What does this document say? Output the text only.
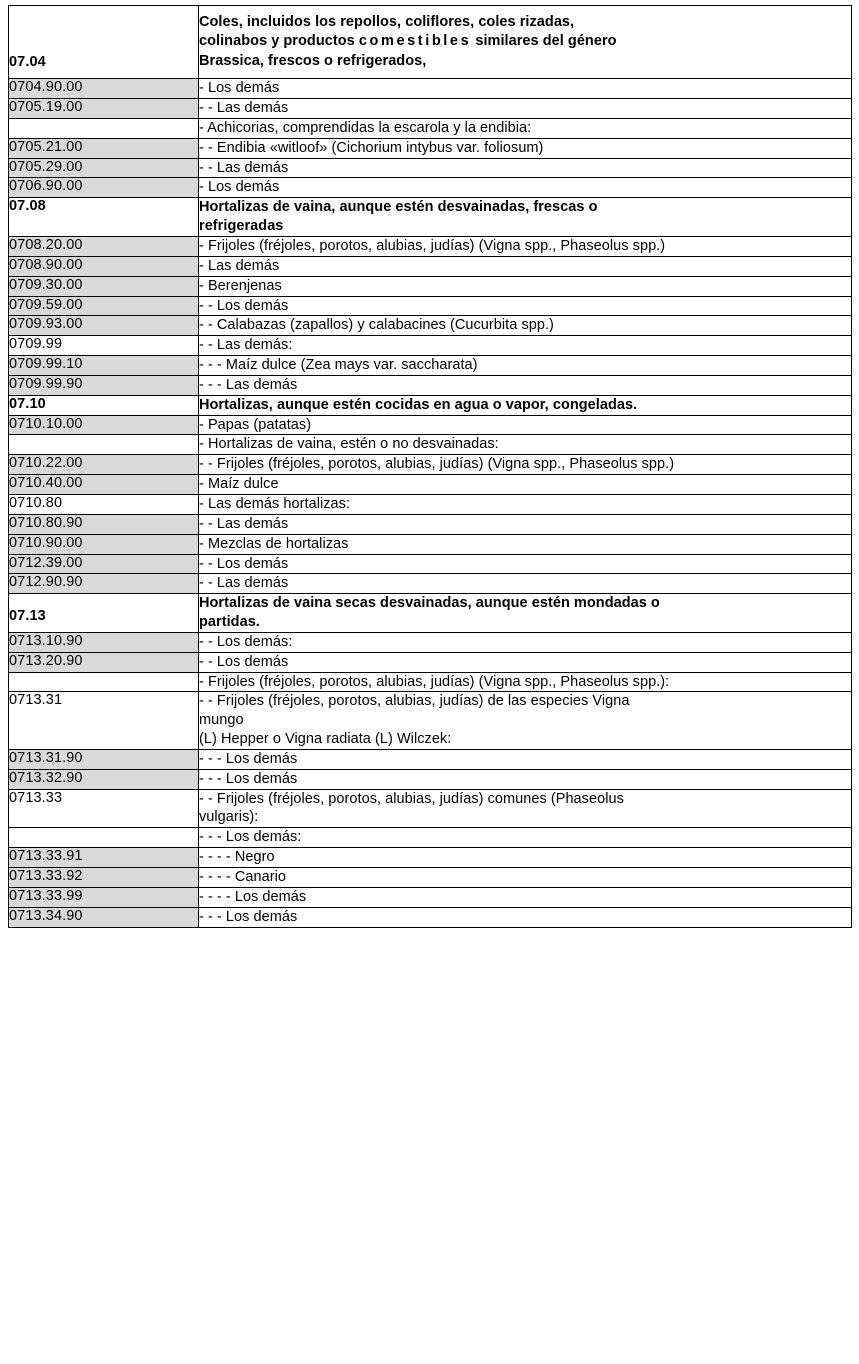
07.04	Coles, incluidos los repollos, coliflores, coles rizadas,
colinabos y productos comestibles similares del género
Brassica, frescos o refrigerados,

0704.90.00	- Los demás
0705.19.00	- - Las demás
	- Achicorias, comprendidas la escarola y la endibia:
0705.21.00	- - Endibia «witloof» (Cichorium intybus var. foliosum)
0705.29.00	- - Las demás
0706.90.00	- Los demás
07.08	Hortalizas de vaina, aunque estén desvainadas, frescas o
refrigeradas

0708.20.00	- Frijoles (fréjoles, porotos, alubias, judías) (Vigna spp., Phaseolus spp.)
0708.90.00	- Las demás
0709.30.00	- Berenjenas
0709.59.00	- - Los demás
0709.93.00	- - Calabazas (zapallos) y calabacines (Cucurbita spp.)
0709.99	- - Las demás:
0709.99.10	- - - Maíz dulce (Zea mays var. saccharata)
0709.99.90	- - - Las demás
07.10	Hortalizas, aunque estén cocidas en agua o vapor, congeladas.
0710.10.00	- Papas (patatas)
	- Hortalizas de vaina, estén o no desvainadas:
0710.22.00	- - Frijoles (fréjoles, porotos, alubias, judías) (Vigna spp., Phaseolus spp.)
0710.40.00	- Maíz dulce
0710.80	- Las demás hortalizas:
0710.80.90	- - Las demás
0710.90.00	- Mezclas de hortalizas
0712.39.00	- - Los demás
0712.90.90	- - Las demás
07.13	Hortalizas de vaina secas desvainadas, aunque estén mondadas o
partidas.

0713.10.90	- - Los demás:
0713.20.90	- - Los demás
	- Frijoles (fréjoles, porotos, alubias, judías) (Vigna spp., Phaseolus spp.):
0713.31	- - Frijoles (fréjoles, porotos, alubias, judías) de las especies Vigna
mungo
(L) Hepper o Vigna radiata (L) Wilczek:

0713.31.90	- - - Los demás
0713.32.90	- - - Los demás
0713.33	- - Frijoles (fréjoles, porotos, alubias, judías) comunes (Phaseolus
vulgaris):

	- - - Los demás:
0713.33.91	- - - - Negro
0713.33.92	- - - - Canario
0713.33.99	- - - - Los demás
0713.34.90	- - - Los demás
